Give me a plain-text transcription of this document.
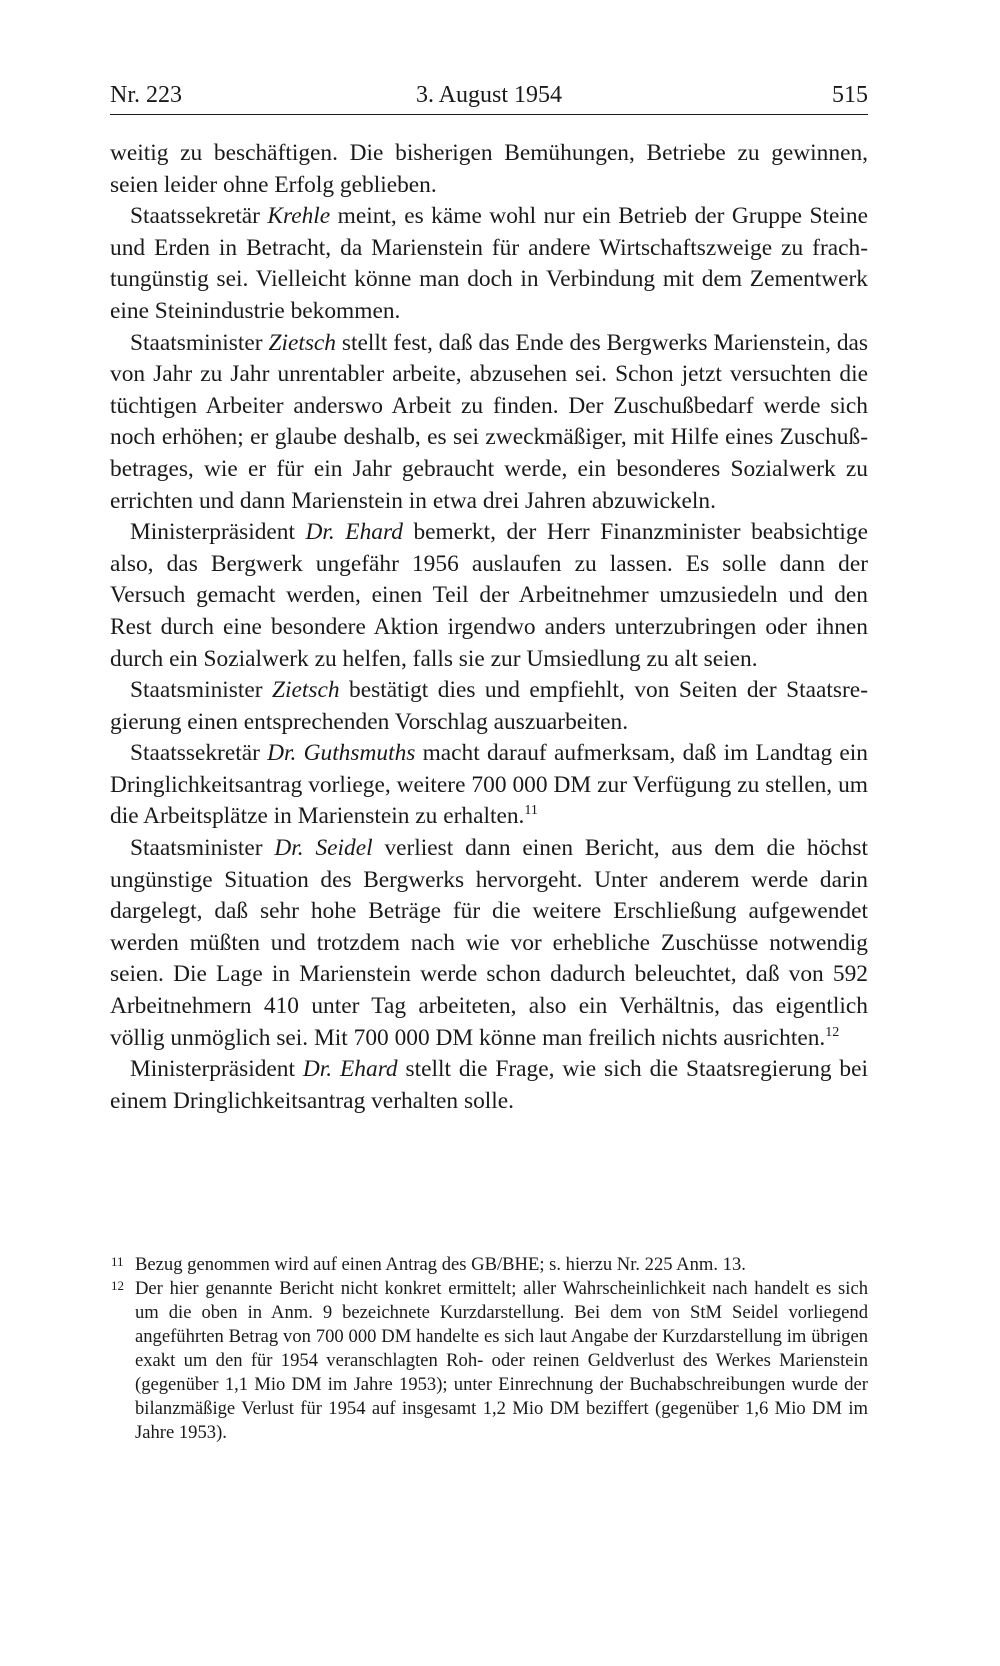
Nr. 223	3. August 1954	515

weitig zu beschäftigen. Die bisherigen Bemühungen, Betriebe zu gewinnen, seien leider ohne Erfolg geblieben.

Staatssekretär Krehle meint, es käme wohl nur ein Betrieb der Gruppe Steine und Erden in Betracht, da Marienstein für andere Wirtschaftszweige zu frachtungünstig sei. Vielleicht könne man doch in Verbindung mit dem Zementwerk eine Steinindustrie bekommen.

Staatsminister Zietsch stellt fest, daß das Ende des Bergwerks Marienstein, das von Jahr zu Jahr unrentabler arbeite, abzusehen sei. Schon jetzt versuchten die tüchtigen Arbeiter anderswo Arbeit zu finden. Der Zuschußbedarf werde sich noch erhöhen; er glaube deshalb, es sei zweckmäßiger, mit Hilfe eines Zuschußbetrages, wie er für ein Jahr gebraucht werde, ein besonderes Sozialwerk zu errichten und dann Marienstein in etwa drei Jahren abzuwickeln.

Ministerpräsident Dr. Ehard bemerkt, der Herr Finanzminister beabsichtige also, das Bergwerk ungefähr 1956 auslaufen zu lassen. Es solle dann der Versuch gemacht werden, einen Teil der Arbeitnehmer umzusiedeln und den Rest durch eine besondere Aktion irgendwo anders unterzubringen oder ihnen durch ein Sozialwerk zu helfen, falls sie zur Umsiedlung zu alt seien.

Staatsminister Zietsch bestätigt dies und empfiehlt, von Seiten der Staatsregierung einen entsprechenden Vorschlag auszuarbeiten.

Staatssekretär Dr. Guthsmuths macht darauf aufmerksam, daß im Landtag ein Dringlichkeitsantrag vorliege, weitere 700 000 DM zur Verfügung zu stellen, um die Arbeitsplätze in Marienstein zu erhalten.$^{11}$

Staatsminister Dr. Seidel verliest dann einen Bericht, aus dem die höchst ungünstige Situation des Bergwerks hervorgeht. Unter anderem werde darin dargelegt, daß sehr hohe Beträge für die weitere Erschließung aufgewendet werden müßten und trotzdem nach wie vor erhebliche Zuschüsse notwendig seien. Die Lage in Marienstein werde schon dadurch beleuchtet, daß von 592 Arbeitnehmern 410 unter Tag arbeiteten, also ein Verhältnis, das eigentlich völlig unmöglich sei. Mit 700 000 DM könne man freilich nichts ausrichten.$^{12}$

Ministerpräsident Dr. Ehard stellt die Frage, wie sich die Staatsregierung bei einem Dringlichkeitsantrag verhalten solle.

11 Bezug genommen wird auf einen Antrag des GB/BHE; s. hierzu Nr. 225 Anm. 13.
12 Der hier genannte Bericht nicht konkret ermittelt; aller Wahrscheinlichkeit nach handelt es sich um die oben in Anm. 9 bezeichnete Kurzdarstellung. Bei dem von StM Seidel vorliegend angeführten Betrag von 700 000 DM handelte es sich laut Angabe der Kurzdarstellung im übrigen exakt um den für 1954 veranschlagten Roh- oder reinen Geldverlust des Werkes Marienstein (gegenüber 1,1 Mio DM im Jahre 1953); unter Einrechnung der Buchabschreibungen wurde der bilanzmäßige Verlust für 1954 auf insgesamt 1,2 Mio DM beziffert (gegenüber 1,6 Mio DM im Jahre 1953).
